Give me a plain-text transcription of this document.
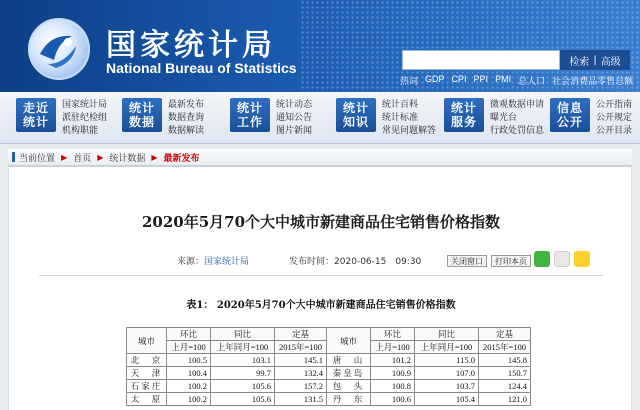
国家统计局
National Bureau of Statistics	检索 | 高级
热词 GDP CPI PPI PMI 总人口 社会消费品零售总额
走近
统计
国家统计局
派驻纪检组
机构职能
统计
数据
最新发布
数据查询
数据解读
统计
工作
统计动态
通知公告
图片新闻
统计
知识
统计百科
统计标准
常见问题解答
统计
服务
微观数据申请
曝光台
行政处罚信息
信息
公开
公开指南
公开规定
公开目录
当前位置 ▶ 首页 ▶ 统计数据 ▶ 最新发布
2020年5月70个大中城市新建商品住宅销售价格指数
来源： 国家统计局	发布时间： 2020-06-15　09:30	关闭窗口	打印本页
表1： 2020年5月70个大中城市新建商品住宅销售价格指数
城市	环比	同比	定基	城市	环比	同比	定基
	上月=100	上年同月=100	2015年=100		上月=100	上年同月=100	2015年=100
北　京	100.5	103.1	145.1	唐　山	101.2	115.0	145.8
天　津	100.4	99.7	132.4	秦皇岛	100.9	107.0	150.7
石家庄	100.2	105.6	157.2	包　头	100.8	103.7	124.4
太　原	100.2	105.6	131.5	丹　东	100.6	105.4	121.0
